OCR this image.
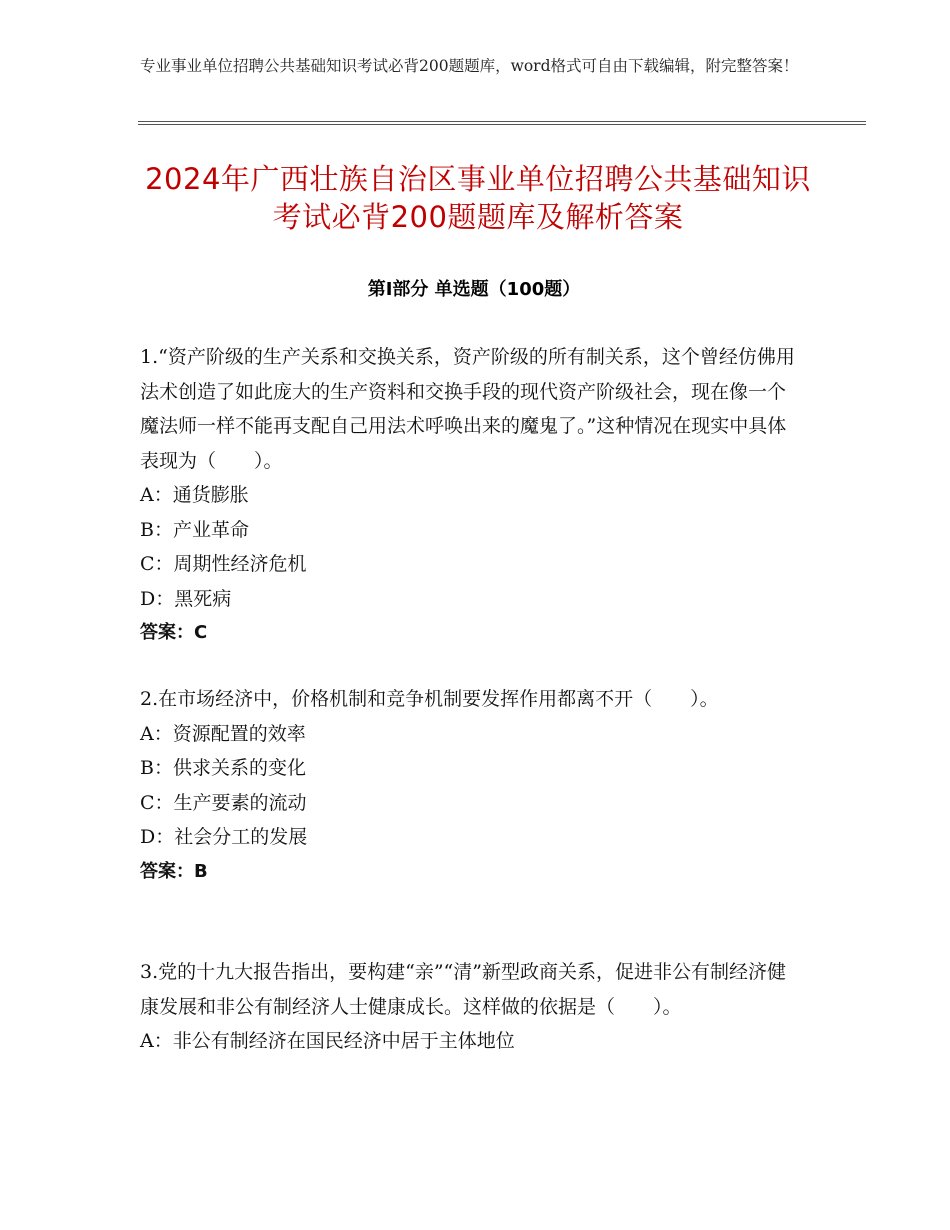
专业事业单位招聘公共基础知识考试必背200题题库，word格式可自由下载编辑，附完整答案！
2024年广西壮族自治区事业单位招聘公共基础知识考试必背200题题库及解析答案
第Ⅰ部分 单选题（100题）

1.“资产阶级的生产关系和交换关系，资产阶级的所有制关系，这个曾经仿佛用法术创造了如此庞大的生产资料和交换手段的现代资产阶级社会，现在像一个魔法师一样不能再支配自己用法术呼唤出来的魔鬼了。”这种情况在现实中具体表现为（　　）。

A：通货膨胀

B：产业革命

C：周期性经济危机

D：黑死病

答案：C

2.在市场经济中，价格机制和竞争机制要发挥作用都离不开（　　）。

A：资源配置的效率

B：供求关系的变化

C：生产要素的流动

D：社会分工的发展

答案：B

3.党的十九大报告指出，要构建“亲”“清”新型政商关系，促进非公有制经济健康发展和非公有制经济人士健康成长。这样做的依据是（　　）。

A：非公有制经济在国民经济中居于主体地位
